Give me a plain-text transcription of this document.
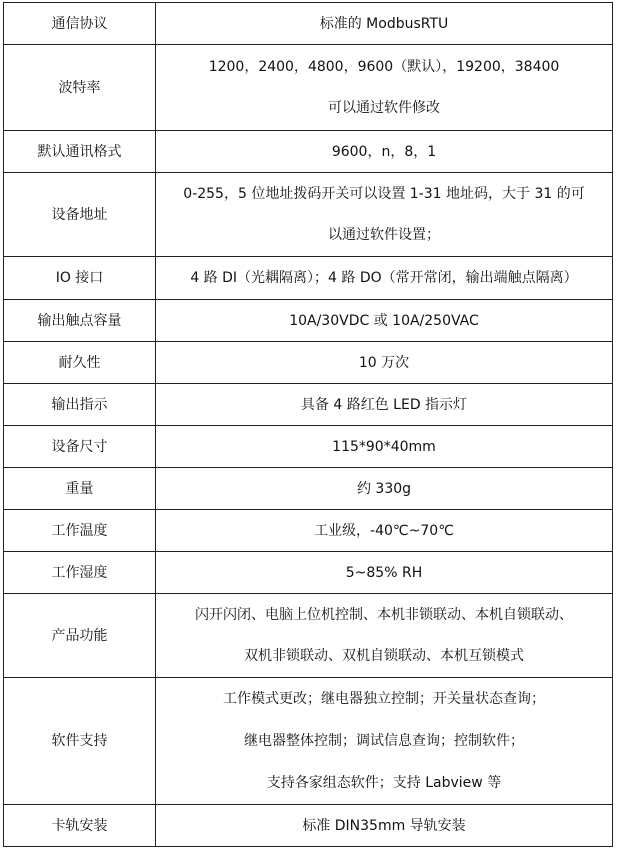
通信协议	标准的 ModbusRTU

波特率	1200，2400，4800，9600（默认），19200，38400
可以通过软件修改

默认通讯格式	9600，n，8，1

设备地址	0-255，5 位地址拨码开关可以设置 1-31 地址码，大于 31 的可
以通过软件设置；

IO 接口	4 路 DI（光耦隔离）；4 路 DO（常开常闭，输出端触点隔离）

输出触点容量	10A/30VDC 或 10A/250VAC

耐久性	10 万次

输出指示	具备 4 路红色 LED 指示灯

设备尺寸	115*90*40mm

重量	约 330g

工作温度	工业级，-40℃~70℃

工作湿度	5~85% RH

产品功能	闪开闪闭、电脑上位机控制、本机非锁联动、本机自锁联动、
双机非锁联动、双机自锁联动、本机互锁模式

软件支持	工作模式更改；继电器独立控制；开关量状态查询；
继电器整体控制；调试信息查询；控制软件；
支持各家组态软件；支持 Labview 等

卡轨安装	标准 DIN35mm 导轨安装
